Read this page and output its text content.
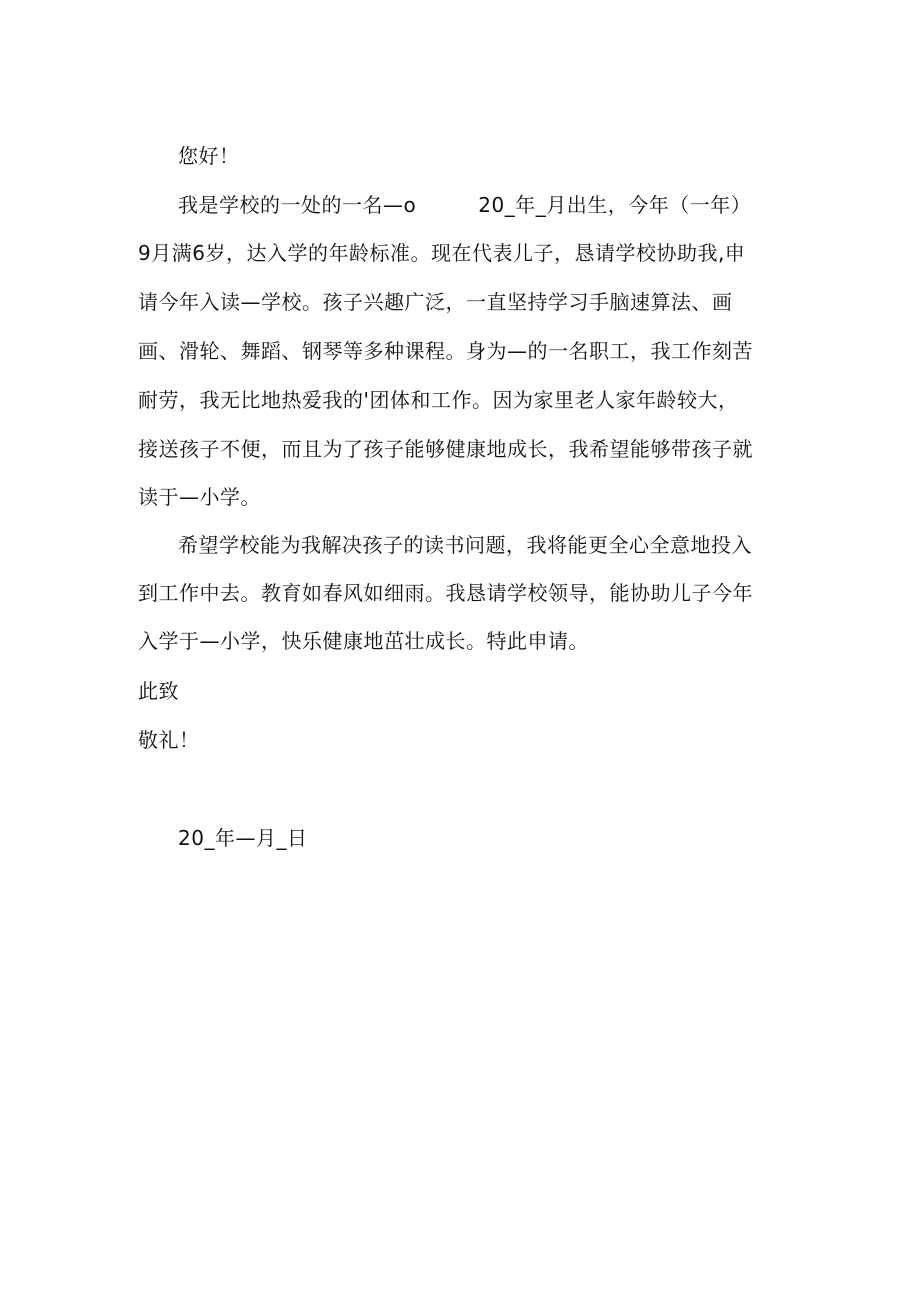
您好！
我是学校的一处的一名—o	20_年_月出生，今年（一年）
9月满6岁，达入学的年龄标准。现在代表儿子，恳请学校协助我,申
请今年入读—学校。孩子兴趣广泛，一直坚持学习手脑速算法、画
画、滑轮、舞蹈、钢琴等多种课程。身为—的一名职工，我工作刻苦
耐劳，我无比地热爱我的'团体和工作。因为家里老人家年龄较大，
接送孩子不便，而且为了孩子能够健康地成长，我希望能够带孩子就
读于—小学。
希望学校能为我解决孩子的读书问题，我将能更全心全意地投入
到工作中去。教育如春风如细雨。我恳请学校领导，能协助儿子今年
入学于—小学，快乐健康地茁壮成长。特此申请。
此致
敬礼！
20_年—月_日
